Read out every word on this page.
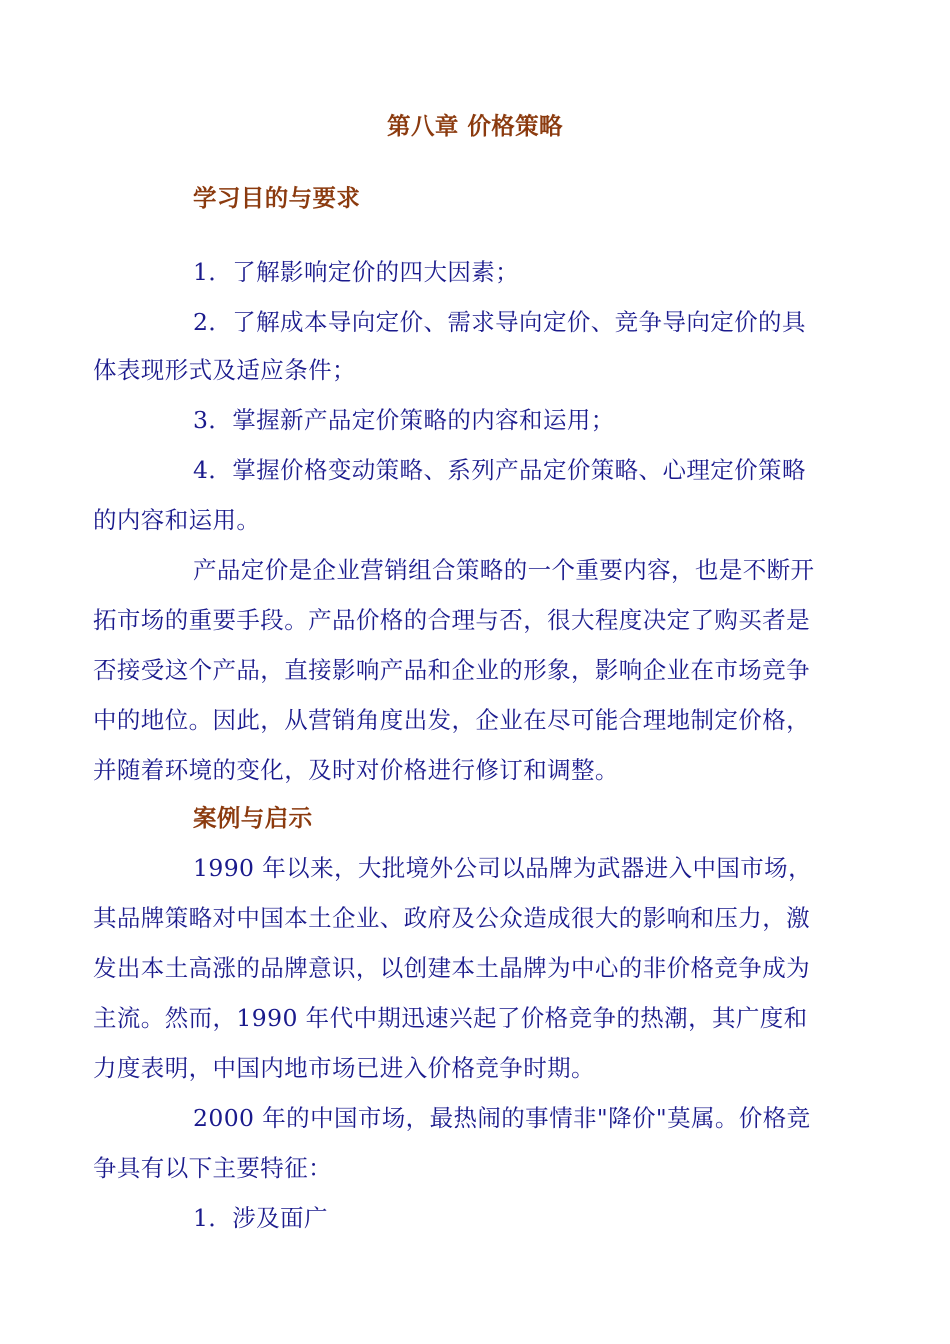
第八章 价格策略
学习目的与要求
1．了解影响定价的四大因素；
2．了解成本导向定价、需求导向定价、竞争导向定价的具
体表现形式及适应条件；
3．掌握新产品定价策略的内容和运用；
4．掌握价格变动策略、系列产品定价策略、心理定价策略
的内容和运用。
产品定价是企业营销组合策略的一个重要内容，也是不断开
拓市场的重要手段。产品价格的合理与否，很大程度决定了购买者是
否接受这个产品，直接影响产品和企业的形象，影响企业在市场竞争
中的地位。因此，从营销角度出发，企业在尽可能合理地制定价格，
并随着环境的变化，及时对价格进行修订和调整。
案例与启示
1990 年以来，大批境外公司以品牌为武器进入中国市场，
其品牌策略对中国本土企业、政府及公众造成很大的影响和压力，激
发出本土高涨的品牌意识，以创建本土晶牌为中心的非价格竞争成为
主流。然而，1990 年代中期迅速兴起了价格竞争的热潮，其广度和
力度表明，中国内地市场已进入价格竞争时期。
2000 年的中国市场，最热闹的事情非"降价"莫属。价格竞
争具有以下主要特征：
1．涉及面广
